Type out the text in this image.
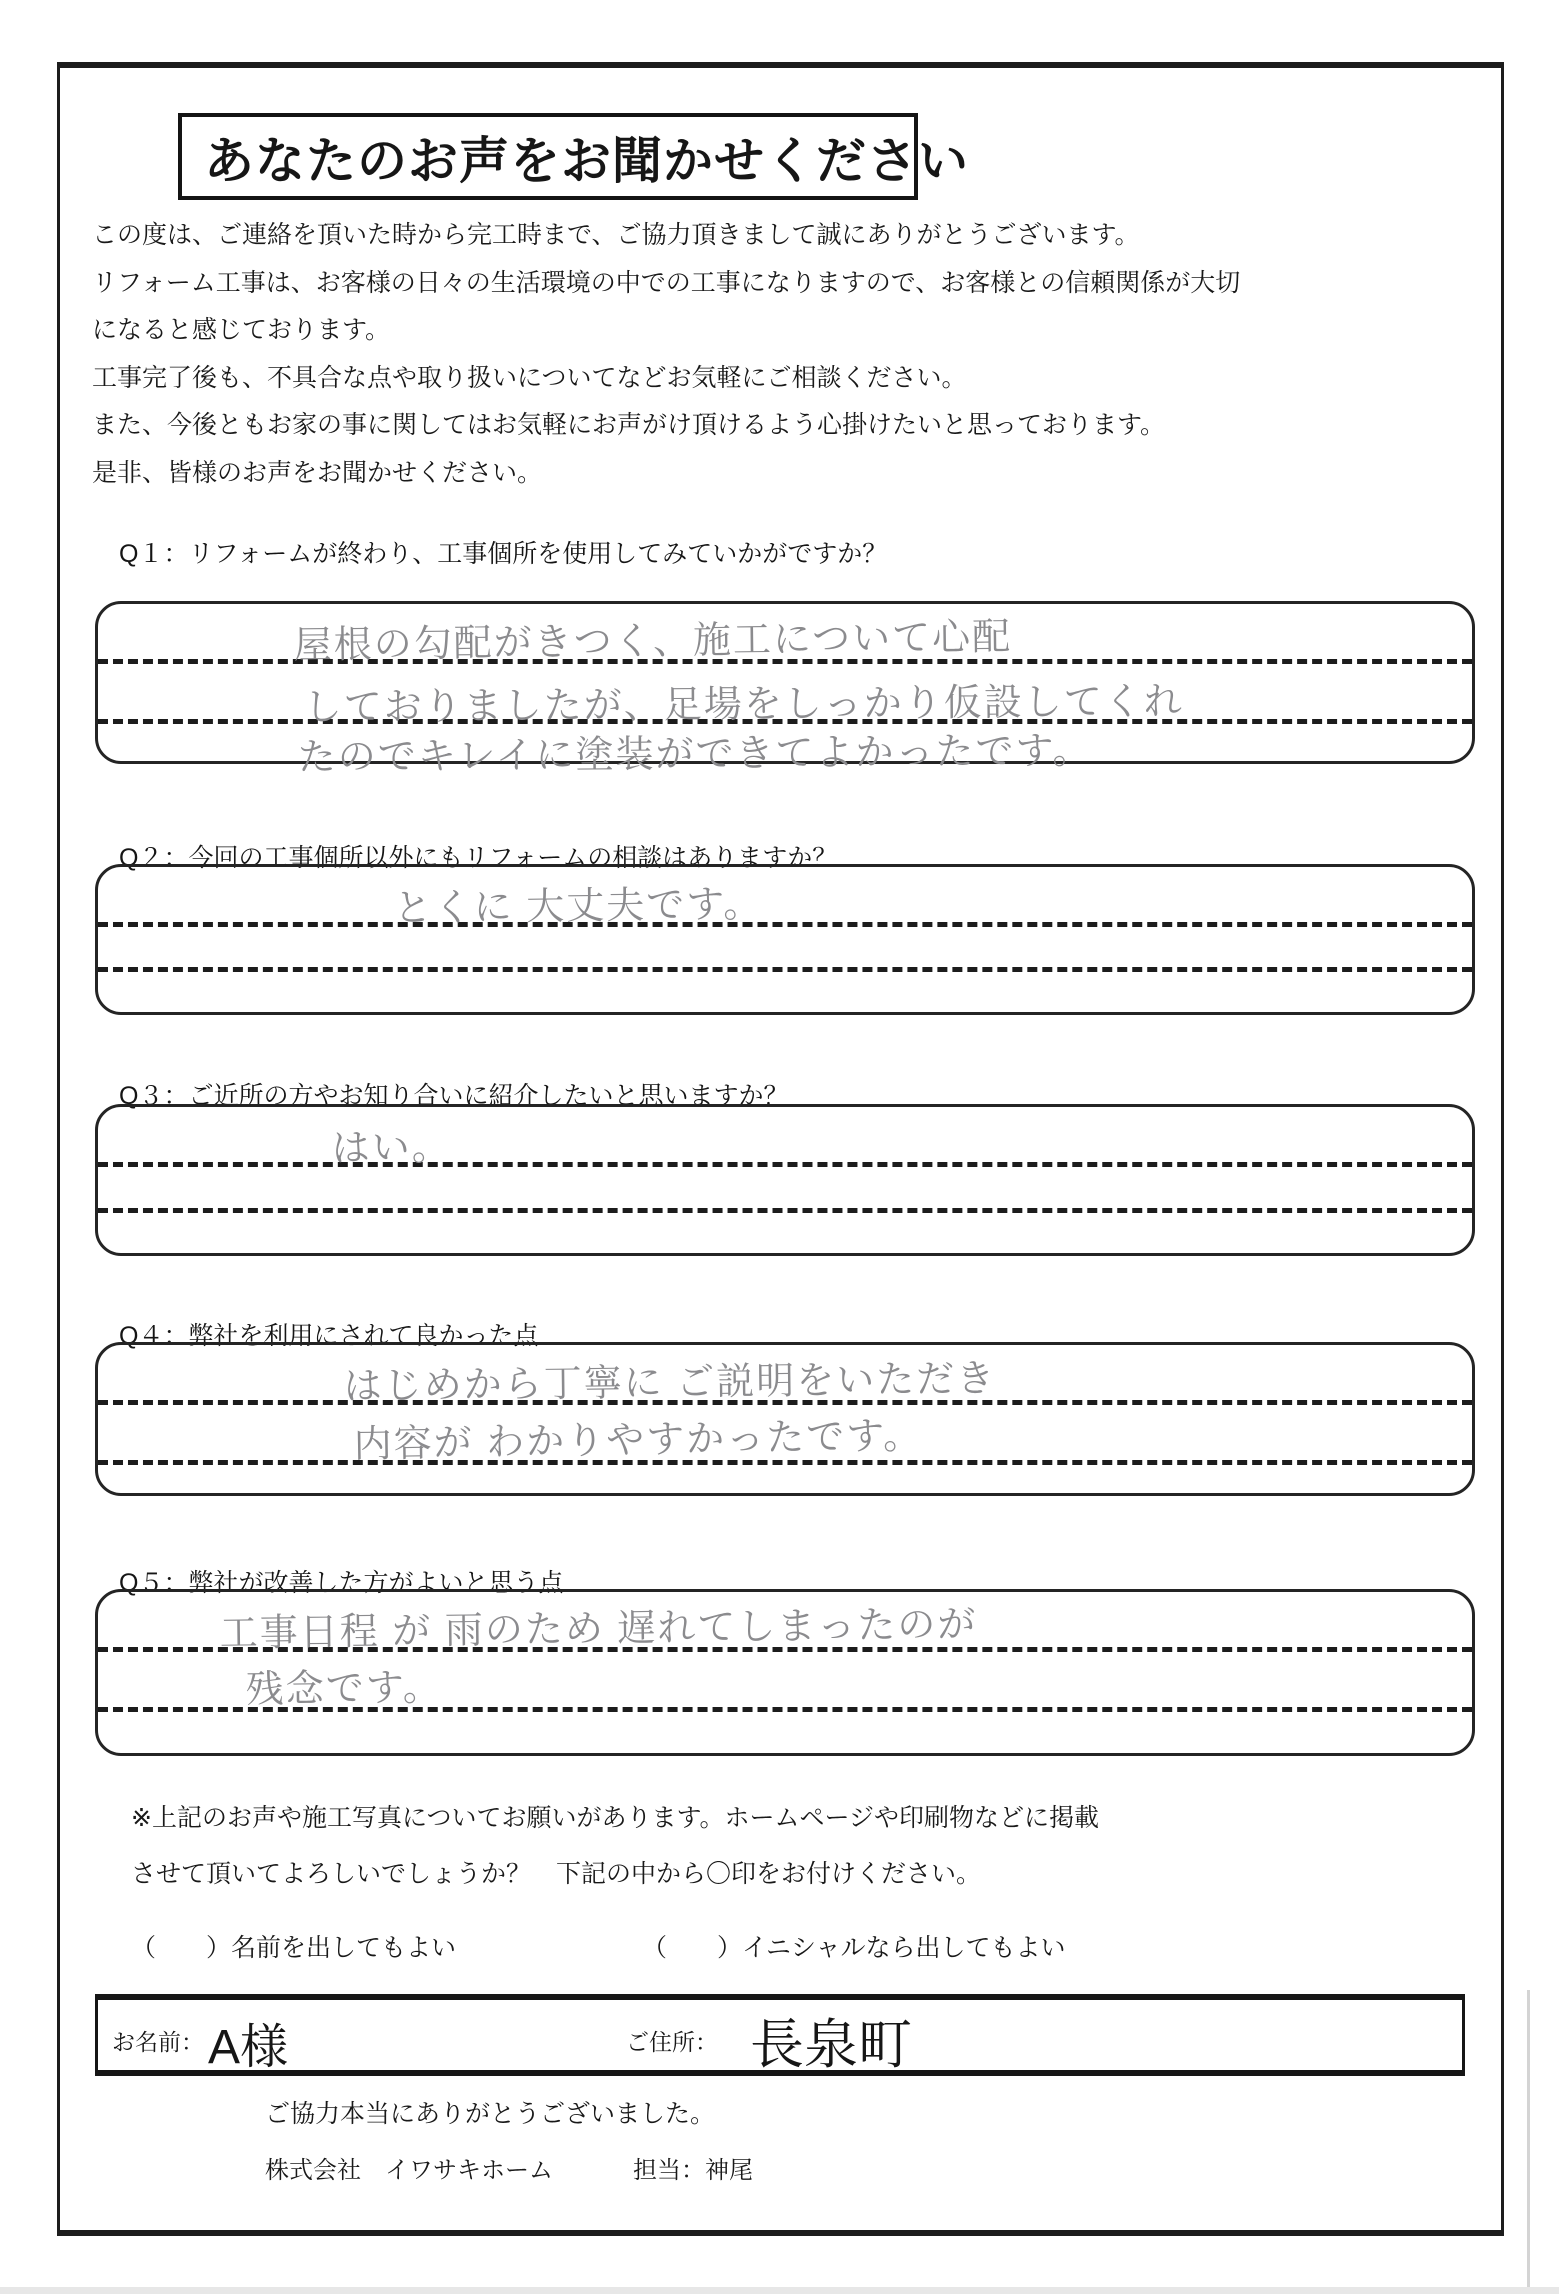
あなたのお声をお聞かせください
この度は、ご連絡を頂いた時から完工時まで、ご協力頂きまして誠にありがとうございます。
リフォーム工事は、お客様の日々の生活環境の中での工事になりますので、お客様との信頼関係が大切
になると感じております。
工事完了後も、不具合な点や取り扱いについてなどお気軽にご相談ください。
また、今後ともお家の事に関してはお気軽にお声がけ頂けるよう心掛けたいと思っております。
是非、皆様のお声をお聞かせください。
Q１：リフォームが終わり、工事個所を使用してみていかがですか？
屋根の勾配がきつく、施工について心配
しておりましたが、足場をしっかり仮設してくれ
たのでキレイに塗装ができてよかったです。
Q２：今回の工事個所以外にもリフォームの相談はありますか？
とくに 大丈夫です。
Q３：ご近所の方やお知り合いに紹介したいと思いますか？
はい。
Q４：弊社を利用にされて良かった点
はじめから丁寧に ご説明をいただき
内容が わかりやすかったです。
Q５：弊社が改善した方がよいと思う点
工事日程 が 雨のため 遅れてしまったのが
残念です。
※上記のお声や施工写真についてお願いがあります。ホームページや印刷物などに掲載
させて頂いてよろしいでしょうか？　下記の中から〇印をお付けください。
（　　）名前を出してもよい	（　　）イニシャルなら出してもよい
お名前： A様	ご住所： 長泉町
ご協力本当にありがとうございました。
株式会社　イワサキホーム	担当：神尾
